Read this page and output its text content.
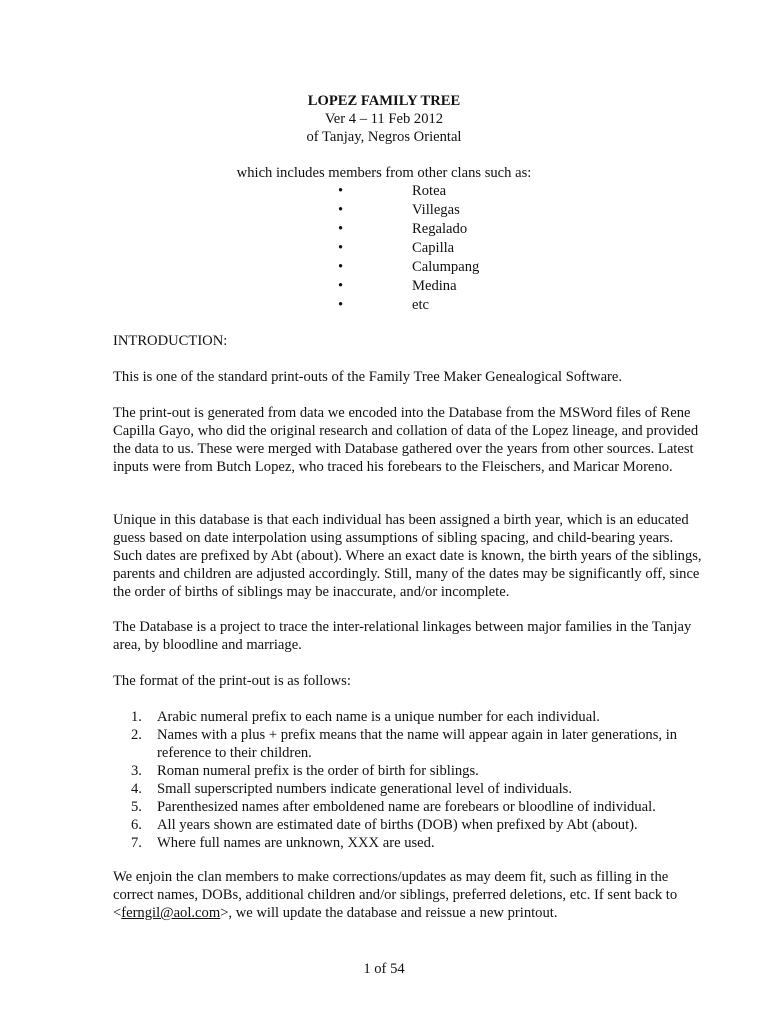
LOPEZ FAMILY TREE
Ver 4 – 11 Feb 2012
of Tanjay, Negros Oriental
which includes members from other clans such as:
•	Rotea
•	Villegas
•	Regalado
•	Capilla
•	Calumpang
•	Medina
•	etc

INTRODUCTION:

This is one of the standard print-outs of the Family Tree Maker Genealogical Software.

The print-out is generated from data we encoded into the Database from the MSWord files of Rene Capilla Gayo, who did the original research and collation of data of the Lopez lineage, and provided the data to us. These were merged with Database gathered over the years from other sources. Latest inputs were from Butch Lopez, who traced his forebears to the Fleischers, and Maricar Moreno.

Unique in this database is that each individual has been assigned a birth year, which is an educated guess based on date interpolation using assumptions of sibling spacing, and child-bearing years. Such dates are prefixed by Abt (about). Where an exact date is known, the birth years of the siblings, parents and children are adjusted accordingly. Still, many of the dates may be significantly off, since the order of births of siblings may be inaccurate, and/or incomplete.

The Database is a project to trace the inter-relational linkages between major families in the Tanjay area, by bloodline and marriage.

The format of the print-out is as follows:

1. Arabic numeral prefix to each name is a unique number for each individual.
2. Names with a plus + prefix means that the name will appear again in later generations, in reference to their children.
3. Roman numeral prefix is the order of birth for siblings.
4. Small superscripted numbers indicate generational level of individuals.
5. Parenthesized names after emboldened name are forebears or bloodline of individual.
6. All years shown are estimated date of births (DOB) when prefixed by Abt (about).
7. Where full names are unknown, XXX are used.

We enjoin the clan members to make corrections/updates as may deem fit, such as filling in the correct names, DOBs, additional children and/or siblings, preferred deletions, etc. If sent back to <ferngil@aol.com>, we will update the database and reissue a new printout.

1 of 54
